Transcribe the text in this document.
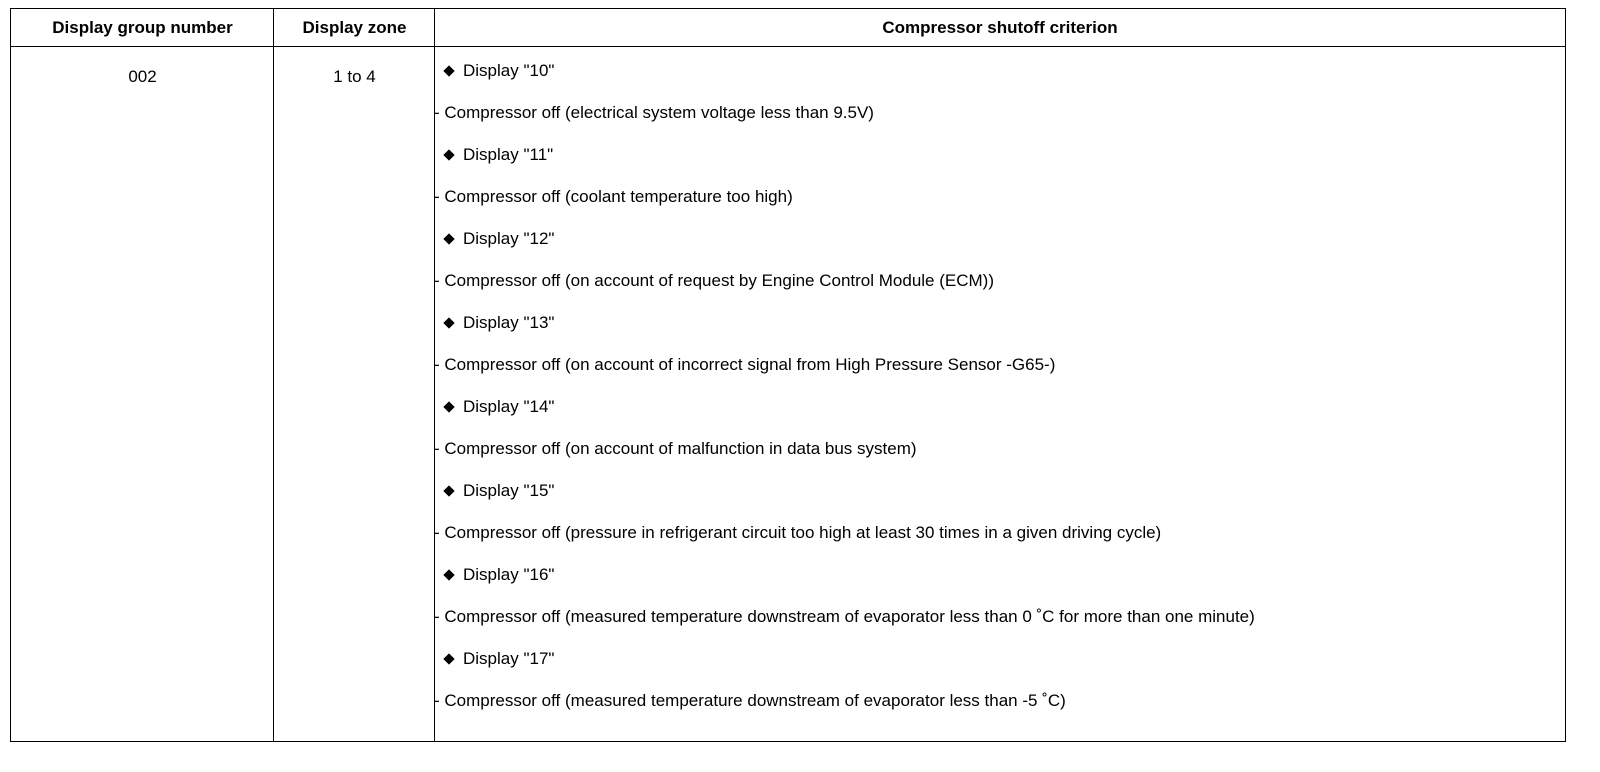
Display group number	Display zone	Compressor shutoff criterion
002	1 to 4	Display "10"
- Compressor off (electrical system voltage less than 9.5V)
Display "11"
- Compressor off (coolant temperature too high)
Display "12"
- Compressor off (on account of request by Engine Control Module (ECM))
Display "13"
- Compressor off (on account of incorrect signal from High Pressure Sensor -G65-)
Display "14"
- Compressor off (on account of malfunction in data bus system)
Display "15"
- Compressor off (pressure in refrigerant circuit too high at least 30 times in a given driving cycle)
Display "16"
- Compressor off (measured temperature downstream of evaporator less than 0 ˚C for more than one minute)
Display "17"
- Compressor off (measured temperature downstream of evaporator less than -5 ˚C)
